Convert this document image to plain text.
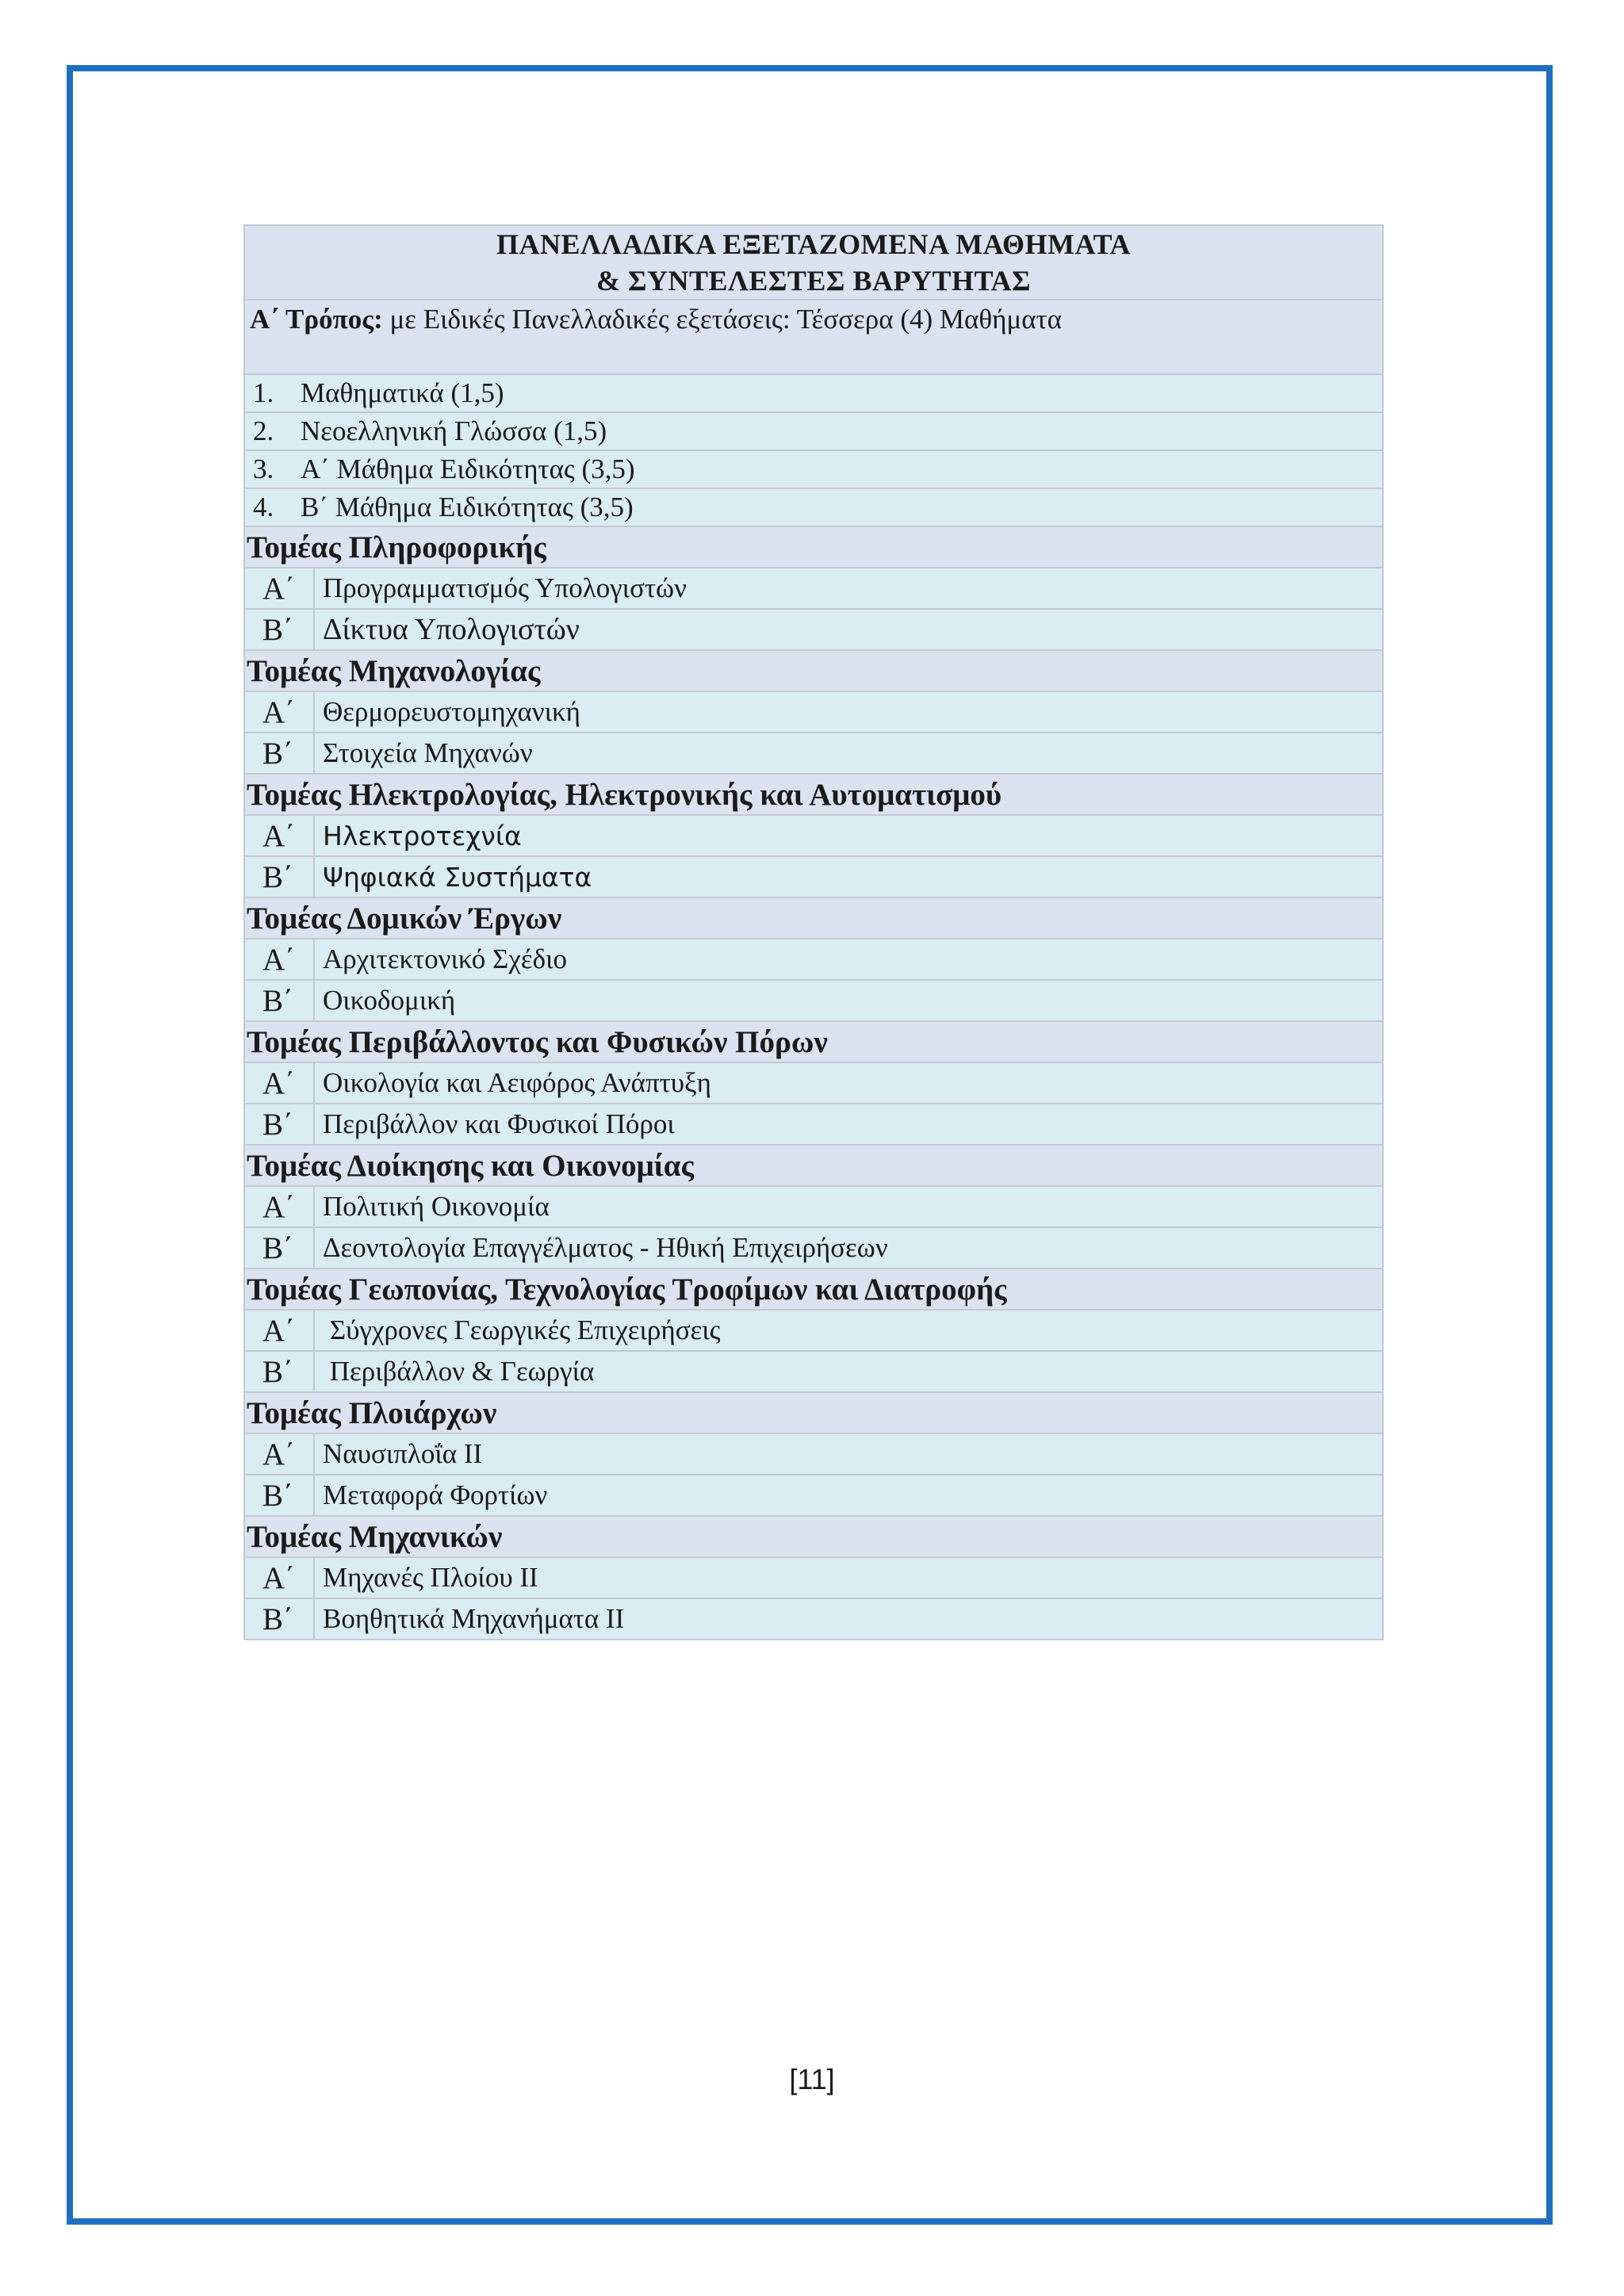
ΠΑΝΕΛΛΑΔΙΚΑ ΕΞΕΤΑΖΟΜΕΝΑ ΜΑΘΗΜΑΤΑ
& ΣΥΝΤΕΛΕΣΤΕΣ ΒΑΡΥΤΗΤΑΣ	

Α΄ Τρόπος: με Ειδικές Πανελλαδικές εξετάσεις: Τέσσερα (4) Μαθήματα	
1. Μαθηματικά (1,5)	
2. Νεοελληνική Γλώσσα (1,5)	
3. Α΄ Μάθημα Ειδικότητας (3,5)	
4. Β΄ Μάθημα Ειδικότητας (3,5)	
Τομέας Πληροφορικής	
Α΄	Προγραμματισμός Υπολογιστών
Β΄	Δίκτυα Υπολογιστών
Τομέας Μηχανολογίας	
Α΄	Θερμορευστομηχανική
Β΄	Στοιχεία Μηχανών
Τομέας Ηλεκτρολογίας, Ηλεκτρονικής και Αυτοματισμού	
Α΄	Ηλεκτροτεχνία
Β΄	Ψηφιακά Συστήματα
Τομέας Δομικών Έργων	
Α΄	Αρχιτεκτονικό Σχέδιο
Β΄	Οικοδομική
Τομέας Περιβάλλοντος και Φυσικών Πόρων	
Α΄	Οικολογία και Αειφόρος Ανάπτυξη
Β΄	Περιβάλλον και Φυσικοί Πόροι
Τομέας Διοίκησης και Οικονομίας	
Α΄	Πολιτική Οικονομία
Β΄	Δεοντολογία Επαγγέλματος - Ηθική Επιχειρήσεων
Τομέας Γεωπονίας, Τεχνολογίας Τροφίμων και Διατροφής	
Α΄	Σύγχρονες Γεωργικές Επιχειρήσεις
Β΄	Περιβάλλον & Γεωργία
Τομέας Πλοιάρχων	
Α΄	Ναυσιπλοΐα ΙΙ
Β΄	Μεταφορά Φορτίων
Τομέας Μηχανικών	
Α΄	Μηχανές Πλοίου ΙΙ
Β΄	Βοηθητικά Μηχανήματα ΙΙ
[11]
